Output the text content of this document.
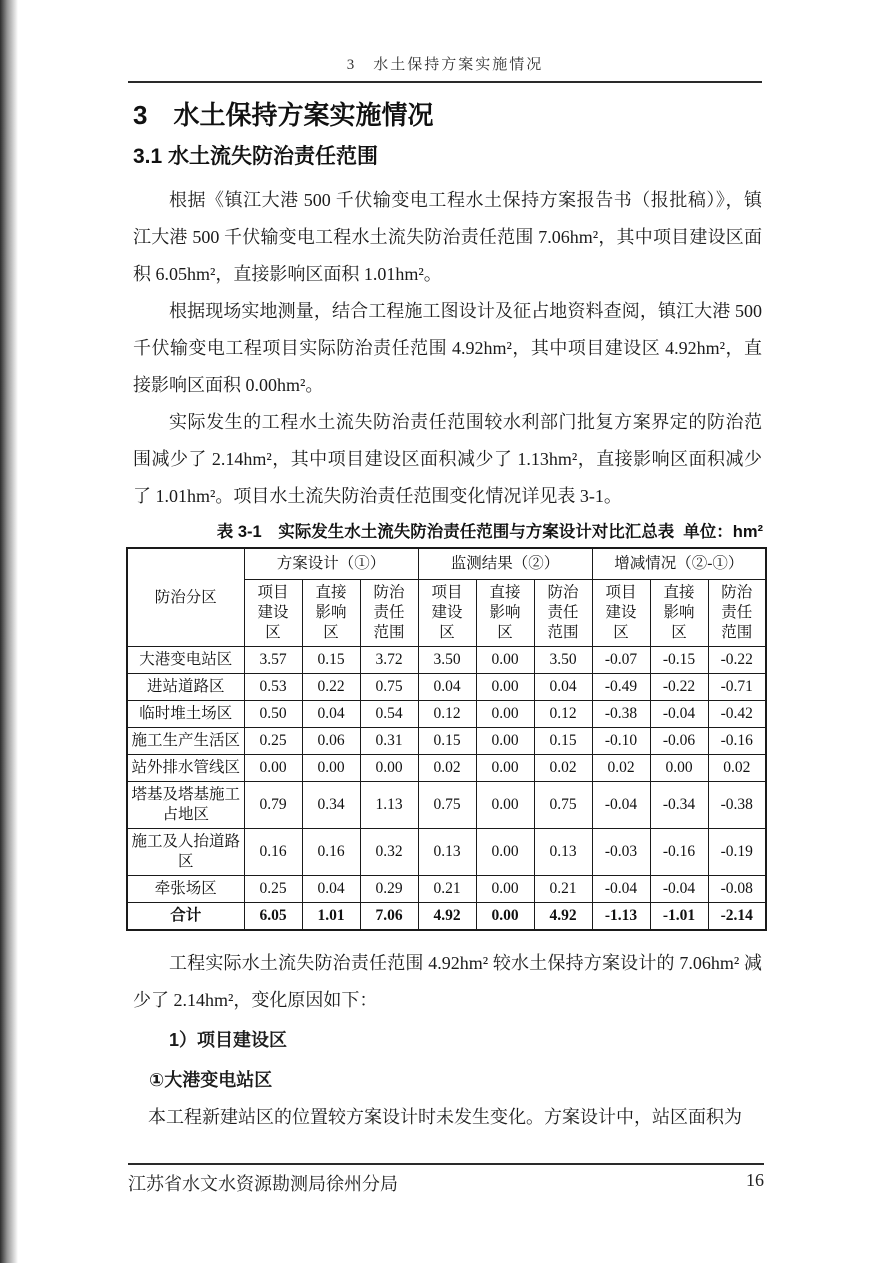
3　水土保持方案实施情况
3　水土保持方案实施情况
3.1 水土流失防治责任范围

根据《镇江大港 500 千伏输变电工程水土保持方案报告书（报批稿）》，镇江大港 500 千伏输变电工程水土流失防治责任范围 7.06hm²，其中项目建设区面积 6.05hm²，直接影响区面积 1.01hm²。

根据现场实地测量，结合工程施工图设计及征占地资料查阅，镇江大港 500 千伏输变电工程项目实际防治责任范围 4.92hm²，其中项目建设区 4.92hm²，直接影响区面积 0.00hm²。

实际发生的工程水土流失防治责任范围较水利部门批复方案界定的防治范围减少了 2.14hm²，其中项目建设区面积减少了 1.13hm²，直接影响区面积减少了 1.01hm²。项目水土流失防治责任范围变化情况详见表 3-1。

表 3-1　实际发生水土流失防治责任范围与方案设计对比汇总表 单位：hm²
防治分区	方案设计（①）			监测结果（②）			增减情况（②-①）		
	项目建设区	直接影响区	防治责任范围	项目建设区	直接影响区	防治责任范围	项目建设区	直接影响区	防治责任范围
大港变电站区	3.57	0.15	3.72	3.50	0.00	3.50	-0.07	-0.15	-0.22
进站道路区	0.53	0.22	0.75	0.04	0.00	0.04	-0.49	-0.22	-0.71
临时堆土场区	0.50	0.04	0.54	0.12	0.00	0.12	-0.38	-0.04	-0.42
施工生产生活区	0.25	0.06	0.31	0.15	0.00	0.15	-0.10	-0.06	-0.16
站外排水管线区	0.00	0.00	0.00	0.02	0.00	0.02	0.02	0.00	0.02
塔基及塔基施工占地区	0.79	0.34	1.13	0.75	0.00	0.75	-0.04	-0.34	-0.38
施工及人抬道路区	0.16	0.16	0.32	0.13	0.00	0.13	-0.03	-0.16	-0.19
牵张场区	0.25	0.04	0.29	0.21	0.00	0.21	-0.04	-0.04	-0.08
合计	6.05	1.01	7.06	4.92	0.00	4.92	-1.13	-1.01	-2.14

工程实际水土流失防治责任范围 4.92hm² 较水土保持方案设计的 7.06hm² 减少了 2.14hm²，变化原因如下：

1）项目建设区

①大港变电站区

本工程新建站区的位置较方案设计时未发生变化。方案设计中，站区面积为

江苏省水文水资源勘测局徐州分局	16
